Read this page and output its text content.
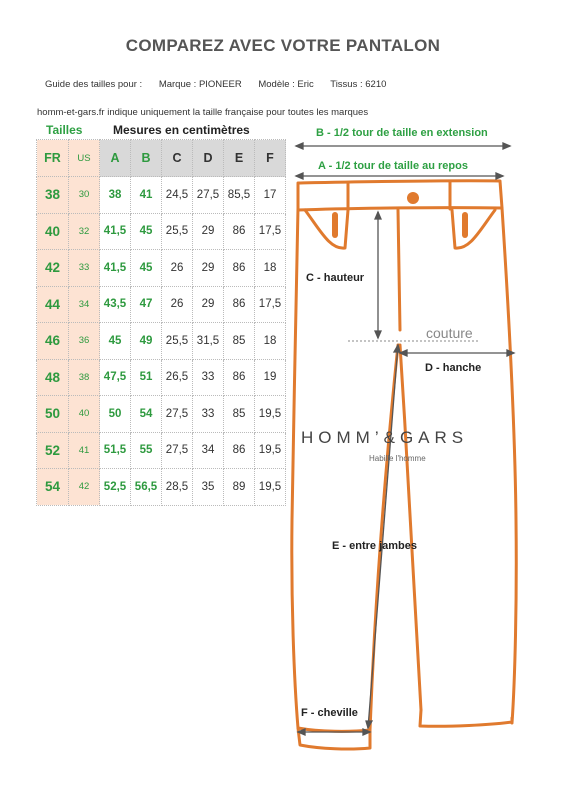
COMPAREZ AVEC VOTRE PANTALON
Guide des tailles pour : Marque : PIONEER Modèle : Eric Tissus : 6210
homm-et-gars.fr indique uniquement la taille française pour toutes les marques
Tailles	Mesures en centimètres
FR	US	A	B	C	D	E	F
38	30	38	41	24,5	27,5	85,5	17
40	32	41,5	45	25,5	29	86	17,5
42	33	41,5	45	26	29	86	18
44	34	43,5	47	26	29	86	17,5
46	36	45	49	25,5	31,5	85	18
48	38	47,5	51	26,5	33	86	19
50	40	50	54	27,5	33	85	19,5
52	41	51,5	55	27,5	34	86	19,5
54	42	52,5	56,5	28,5	35	89	19,5
B - 1/2 tour de taille en extension
A - 1/2 tour de taille au repos
C - hauteur
D - hanche
E - entre jambes
F - cheville
couture
HOMM’&GARS
Habille l'homme
